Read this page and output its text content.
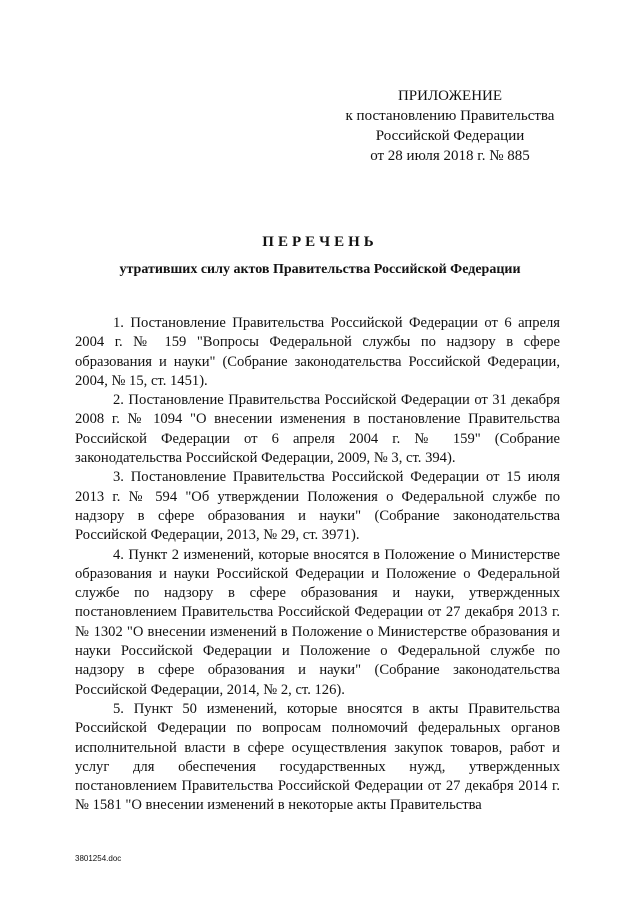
ПРИЛОЖЕНИЕ
к постановлению Правительства
Российской Федерации
от 28 июля 2018 г. № 885
ПЕРЕЧЕНЬ
утративших силу актов Правительства Российской Федерации

1. Постановление Правительства Российской Федерации от 6 апреля 2004 г. № 159 "Вопросы Федеральной службы по надзору в сфере образования и науки" (Собрание законодательства Российской Федерации, 2004, № 15, ст. 1451).

2. Постановление Правительства Российской Федерации от 31 декабря 2008 г. № 1094 "О внесении изменения в постановление Правительства Российской Федерации от 6 апреля 2004 г. № 159" (Собрание законодательства Российской Федерации, 2009, № 3, ст. 394).

3. Постановление Правительства Российской Федерации от 15 июля 2013 г. № 594 "Об утверждении Положения о Федеральной службе по надзору в сфере образования и науки" (Собрание законодательства Российской Федерации, 2013, № 29, ст. 3971).

4. Пункт 2 изменений, которые вносятся в Положение о Министерстве образования и науки Российской Федерации и Положение о Федеральной службе по надзору в сфере образования и науки, утвержденных постановлением Правительства Российской Федерации от 27 декабря 2013 г. № 1302 "О внесении изменений в Положение о Министерстве образования и науки Российской Федерации и Положение о Федеральной службе по надзору в сфере образования и науки" (Собрание законодательства Российской Федерации, 2014, № 2, ст. 126).

5. Пункт 50 изменений, которые вносятся в акты Правительства Российской Федерации по вопросам полномочий федеральных органов исполнительной власти в сфере осуществления закупок товаров, работ и услуг для обеспечения государственных нужд, утвержденных постановлением Правительства Российской Федерации от 27 декабря 2014 г. № 1581 "О внесении изменений в некоторые акты Правительства

3801254.doc
